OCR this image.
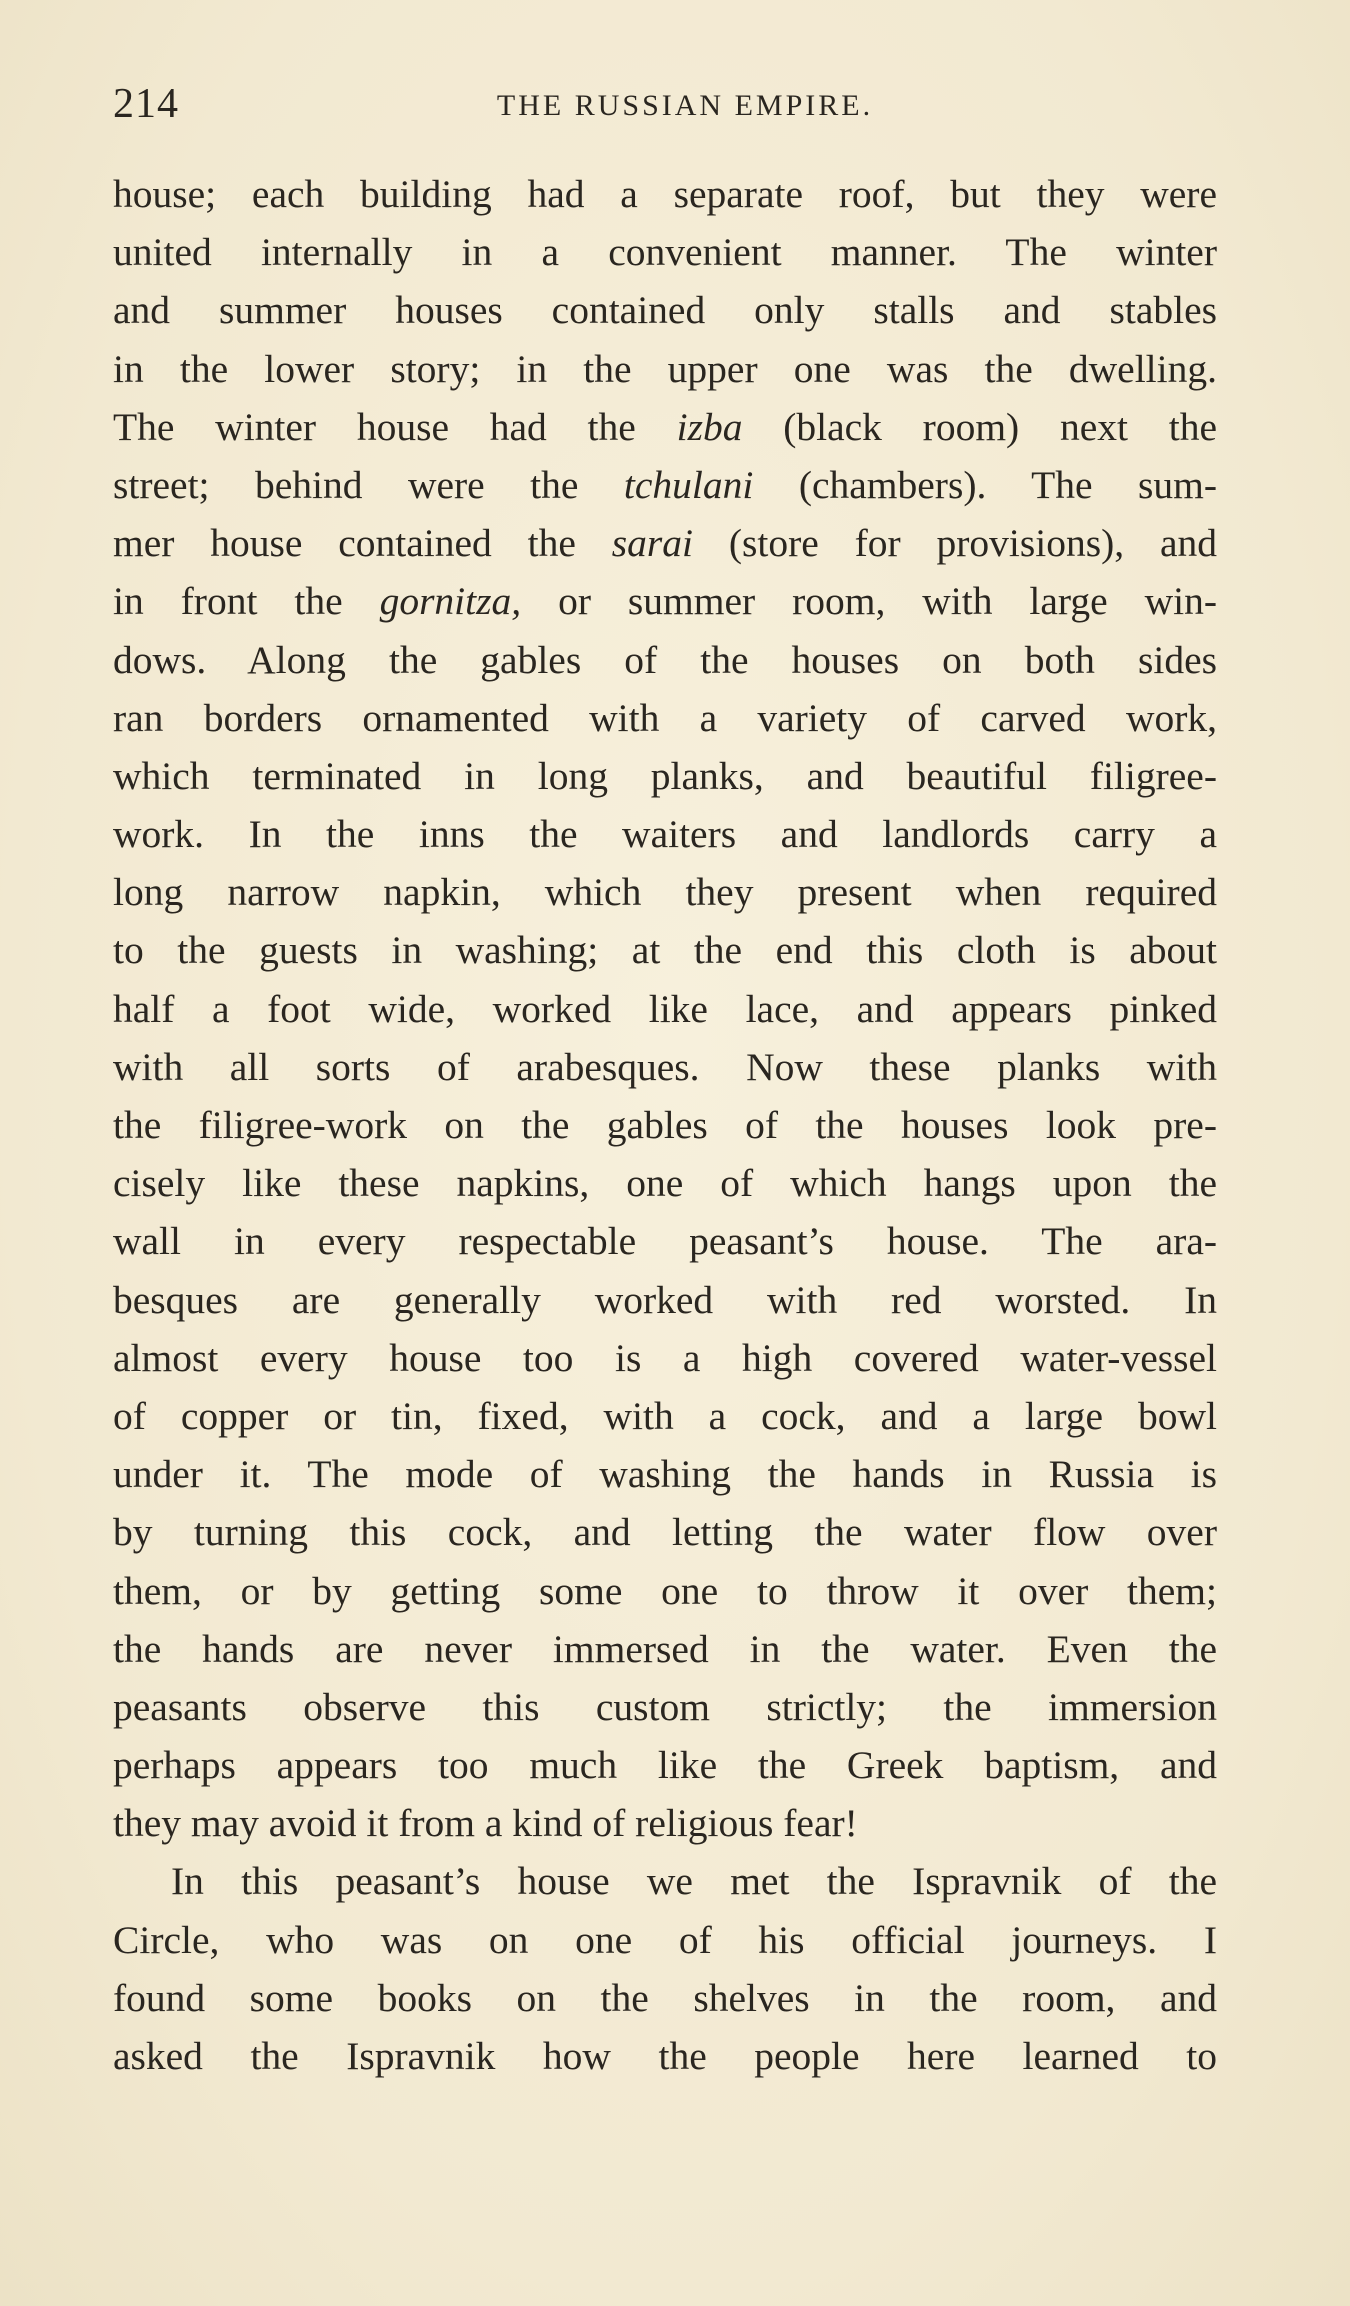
214	THE RUSSIAN EMPIRE.
house; each building had a separate roof, but they were
united internally in a convenient manner. The winter
and summer houses contained only stalls and stables
in the lower story; in the upper one was the dwelling.
The winter house had the izba (black room) next the
street; behind were the tchulani (chambers). The sum-
mer house contained the sarai (store for provisions), and
in front the gornitza, or summer room, with large win-
dows. Along the gables of the houses on both sides
ran borders ornamented with a variety of carved work,
which terminated in long planks, and beautiful filigree-
work. In the inns the waiters and landlords carry a
long narrow napkin, which they present when required
to the guests in washing; at the end this cloth is about
half a foot wide, worked like lace, and appears pinked
with all sorts of arabesques. Now these planks with
the filigree-work on the gables of the houses look pre-
cisely like these napkins, one of which hangs upon the
wall in every respectable peasant’s house. The ara-
besques are generally worked with red worsted. In
almost every house too is a high covered water-vessel
of copper or tin, fixed, with a cock, and a large bowl
under it. The mode of washing the hands in Russia is
by turning this cock, and letting the water flow over
them, or by getting some one to throw it over them;
the hands are never immersed in the water. Even the
peasants observe this custom strictly; the immersion
perhaps appears too much like the Greek baptism, and
they may avoid it from a kind of religious fear!
In this peasant’s house we met the Ispravnik of the
Circle, who was on one of his official journeys. I
found some books on the shelves in the room, and
asked the Ispravnik how the people here learned to
